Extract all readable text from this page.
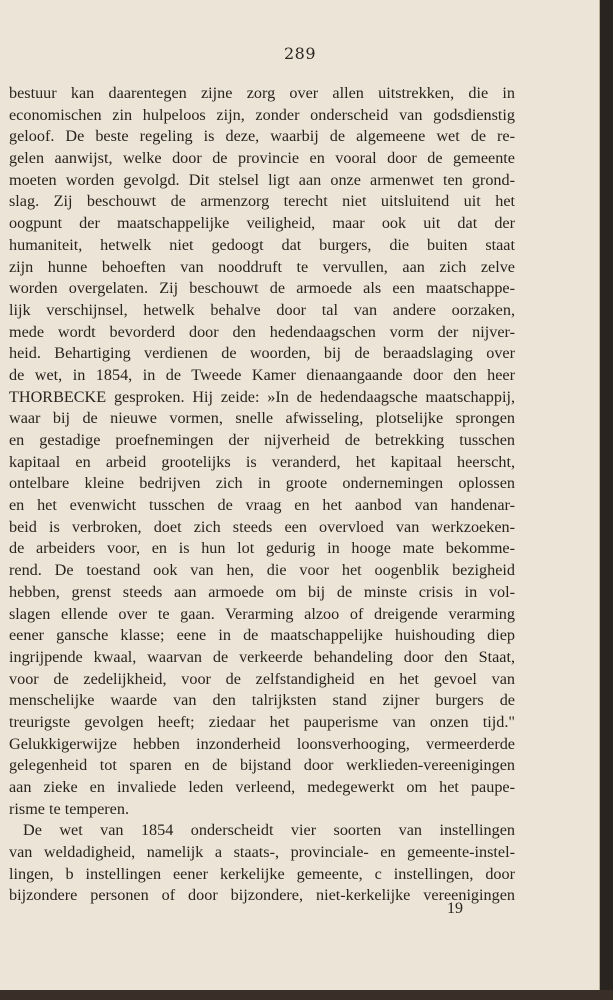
289
bestuur kan daarentegen zijne zorg over allen uitstrekken, die in
economischen zin hulpeloos zijn, zonder onderscheid van godsdienstig
geloof. De beste regeling is deze, waarbij de algemeene wet de re-
gelen aanwijst, welke door de provincie en vooral door de gemeente
moeten worden gevolgd. Dit stelsel ligt aan onze armenwet ten grond-
slag. Zij beschouwt de armenzorg terecht niet uitsluitend uit het
oogpunt der maatschappelijke veiligheid, maar ook uit dat der
humaniteit, hetwelk niet gedoogt dat burgers, die buiten staat
zijn hunne behoeften van nooddruft te vervullen, aan zich zelve
worden overgelaten. Zij beschouwt de armoede als een maatschappe-
lijk verschijnsel, hetwelk behalve door tal van andere oorzaken,
mede wordt bevorderd door den hedendaagschen vorm der nijver-
heid. Behartiging verdienen de woorden, bij de beraadslaging over
de wet, in 1854, in de Tweede Kamer dienaangaande door den heer
THORBECKE gesproken. Hij zeide: »In de hedendaagsche maatschappij,
waar bij de nieuwe vormen, snelle afwisseling, plotselijke sprongen
en gestadige proefnemingen der nijverheid de betrekking tusschen
kapitaal en arbeid grootelijks is veranderd, het kapitaal heerscht,
ontelbare kleine bedrijven zich in groote ondernemingen oplossen
en het evenwicht tusschen de vraag en het aanbod van handenar-
beid is verbroken, doet zich steeds een overvloed van werkzoeken-
de arbeiders voor, en is hun lot gedurig in hooge mate bekomme-
rend. De toestand ook van hen, die voor het oogenblik bezigheid
hebben, grenst steeds aan armoede om bij de minste crisis in vol-
slagen ellende over te gaan. Verarming alzoo of dreigende verarming
eener gansche klasse; eene in de maatschappelijke huishouding diep
ingrijpende kwaal, waarvan de verkeerde behandeling door den Staat,
voor de zedelijkheid, voor de zelfstandigheid en het gevoel van
menschelijke waarde van den talrijksten stand zijner burgers de
treurigste gevolgen heeft; ziedaar het pauperisme van onzen tijd."
Gelukkigerwijze hebben inzonderheid loonsverhooging, vermeerderde
gelegenheid tot sparen en de bijstand door werklieden-vereenigingen
aan zieke en invaliede leden verleend, medegewerkt om het paupe-
risme te temperen.
De wet van 1854 onderscheidt vier soorten van instellingen
van weldadigheid, namelijk a staats-, provinciale- en gemeente-instel-
lingen, b instellingen eener kerkelijke gemeente, c instellingen, door
bijzondere personen of door bijzondere, niet-kerkelijke vereenigingen
19
